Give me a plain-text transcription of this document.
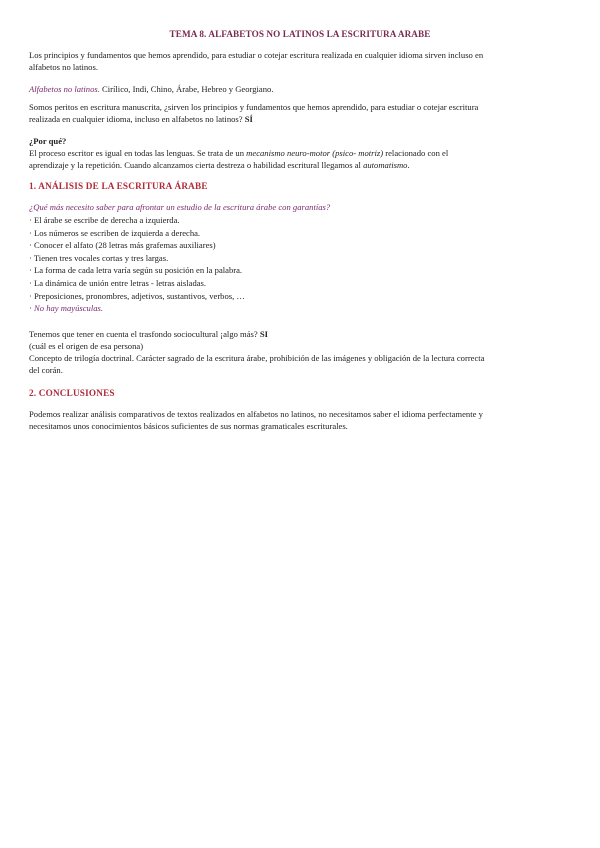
TEMA 8. ALFABETOS NO LATINOS LA ESCRITURA ARABE

Los principios y fundamentos que hemos aprendido, para estudiar o cotejar escritura realizada en cualquier idioma sirven incluso en
alfabetos no latinos.

Alfabetos no latinos. Cirílico, Indi, Chino, Árabe, Hebreo y Georgiano.

Somos peritos en escritura manuscrita, ¿sirven los principios y fundamentos que hemos aprendido, para estudiar o cotejar escritura
realizada en cualquier idioma, incluso en alfabetos no latinos? SÍ

¿Por qué?

El proceso escritor es igual en todas las lenguas. Se trata de un mecanismo neuro-motor (psico- motriz) relacionado con el
aprendizaje y la repetición. Cuando alcanzamos cierta destreza o habilidad escritural llegamos al automatismo.

1. ANÁLISIS DE LA ESCRITURA ÁRABE

¿Qué más necesito saber para afrontar un estudio de la escritura árabe con garantías?

· El árabe se escribe de derecha a izquierda.
· Los números se escriben de izquierda a derecha.
· Conocer el alfato (28 letras más grafemas auxiliares)
· Tienen tres vocales cortas y tres largas.
· La forma de cada letra varía según su posición en la palabra.
· La dinámica de unión entre letras - letras aisladas.
· Preposiciones, pronombres, adjetivos, sustantivos, verbos, …
· No hay mayúsculas.

Tenemos que tener en cuenta el trasfondo sociocultural ¡algo más? SI
(cuál es el origen de esa persona)
Concepto de trilogía doctrinal. Carácter sagrado de la escritura árabe, prohibición de las imágenes y obligación de la lectura correcta
del corán.

2. CONCLUSIONES

Podemos realizar análisis comparativos de textos realizados en alfabetos no latinos, no necesitamos saber el idioma perfectamente y
necesitamos unos conocimientos básicos suficientes de sus normas gramaticales escriturales.
